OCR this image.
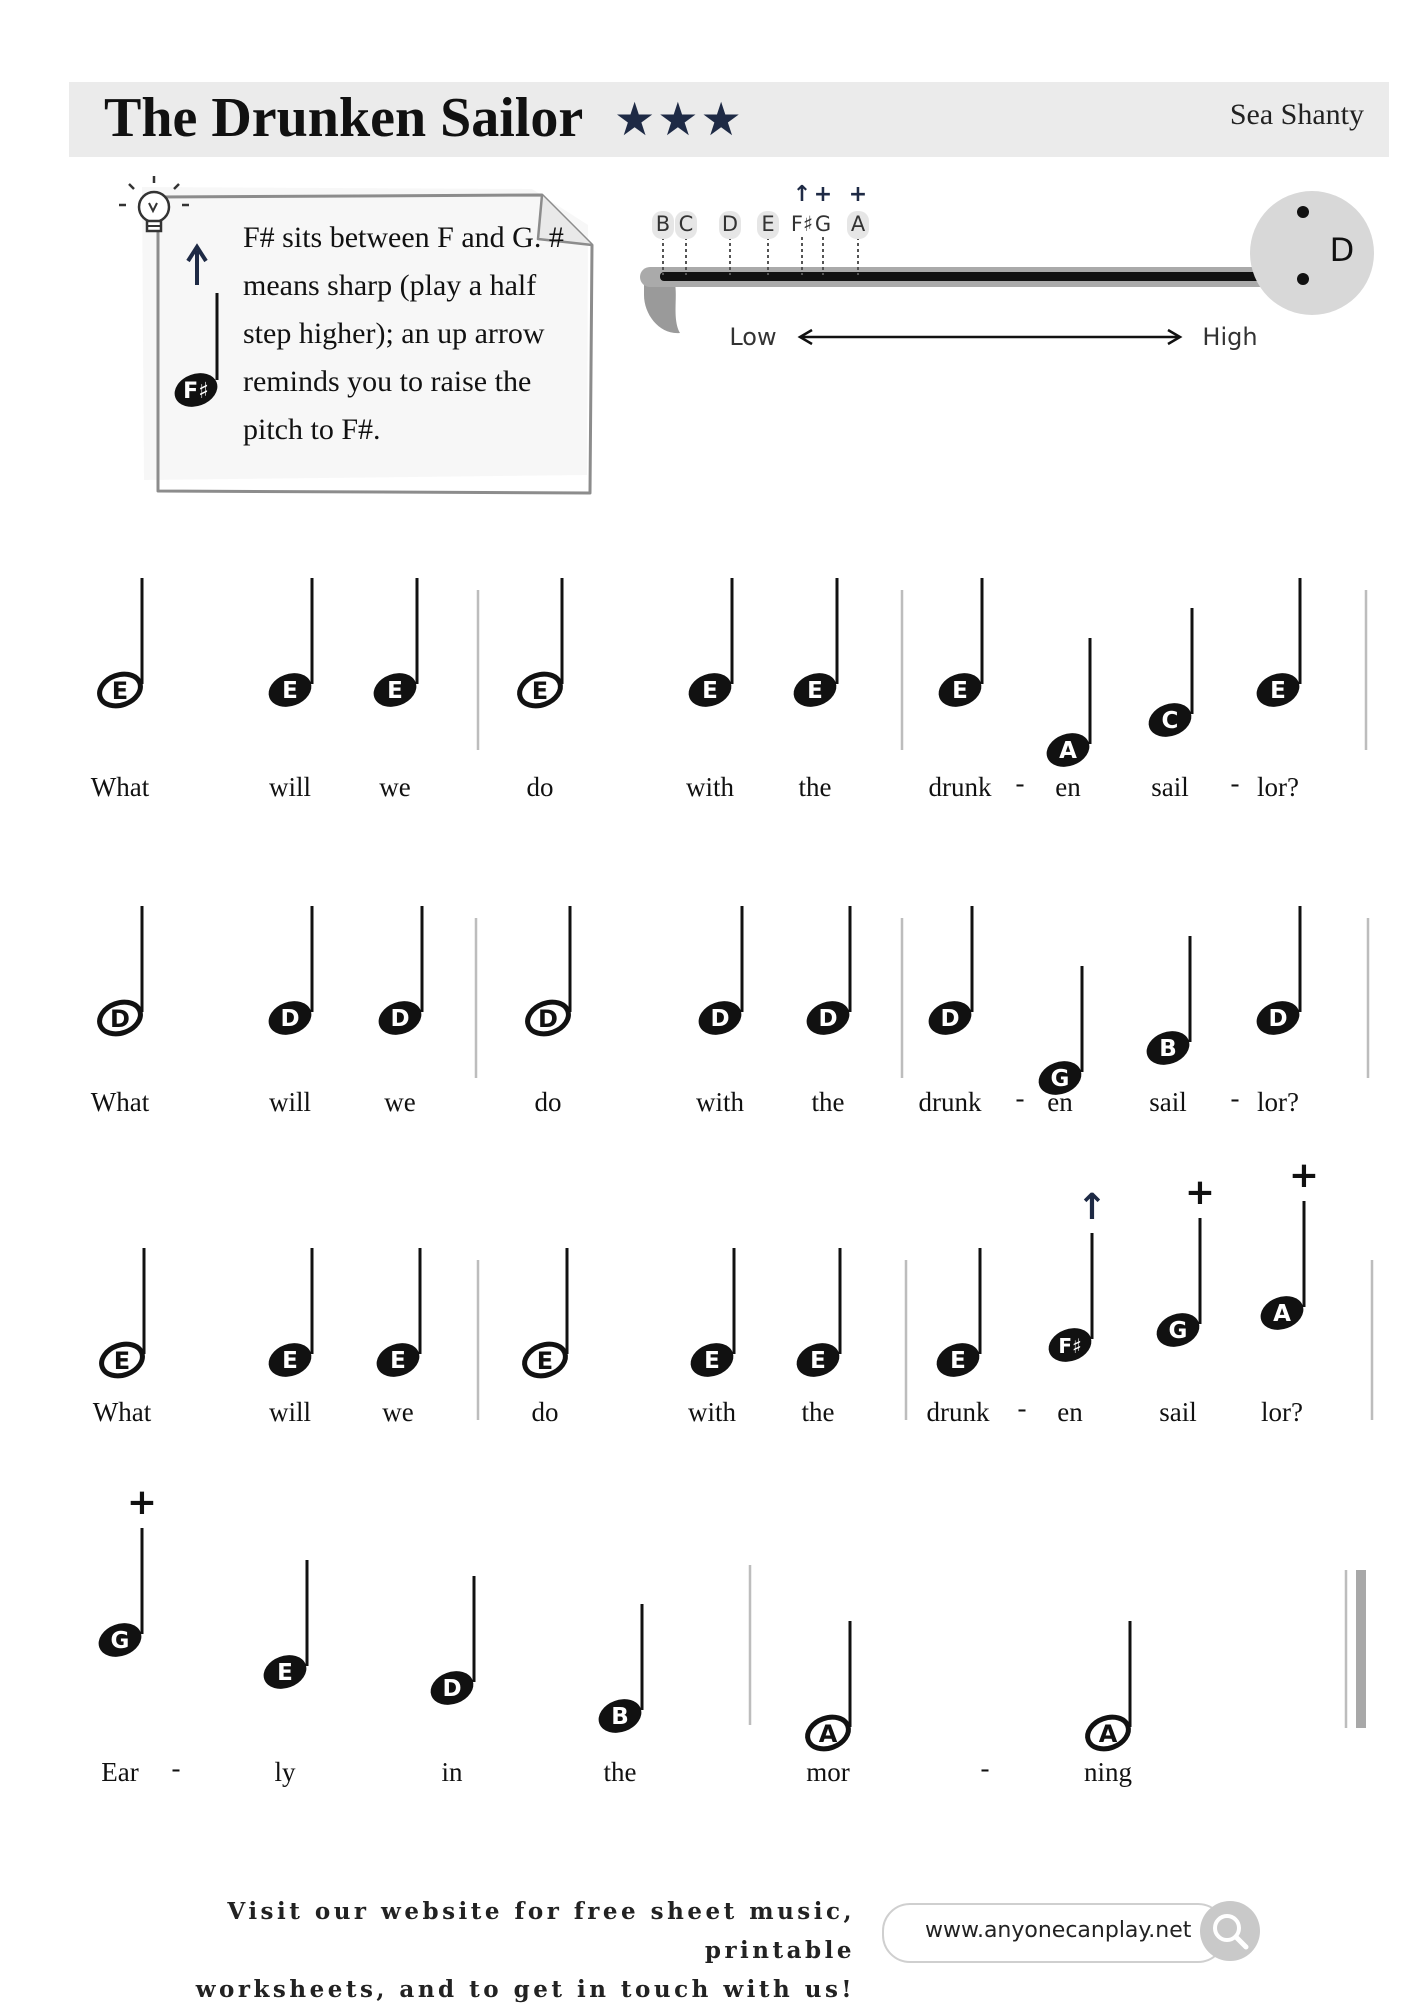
The Drunken Sailor ★★★	Sea Shanty
F♯
F# sits between F and G. # means sharp (play a half step higher); an up arrow reminds you to raise the pitch to F#.
D
B C D E F♯ G A
↑ + +
Low	High
E	E	E	E	E	E	E
A
C
E
D	D	D	D	D	D	D
G
B
D
E	E	E	E	E	E	E
F♯
↑
G
+
A
+
G
+
E
D
B
A	A
What	will	we	do	with the	drunk en	sail	lor?
-	-
What	will	we	do	with the	drunk en	sail	lor?
-	-
What	will	we	do	with the	drunk	en	sail lor?
-
Ear	ly	in	the	mor	ning
-	-
Visit our website for free sheet music, printable
worksheets, and to get in touch with us!
www.anyonecanplay.net
